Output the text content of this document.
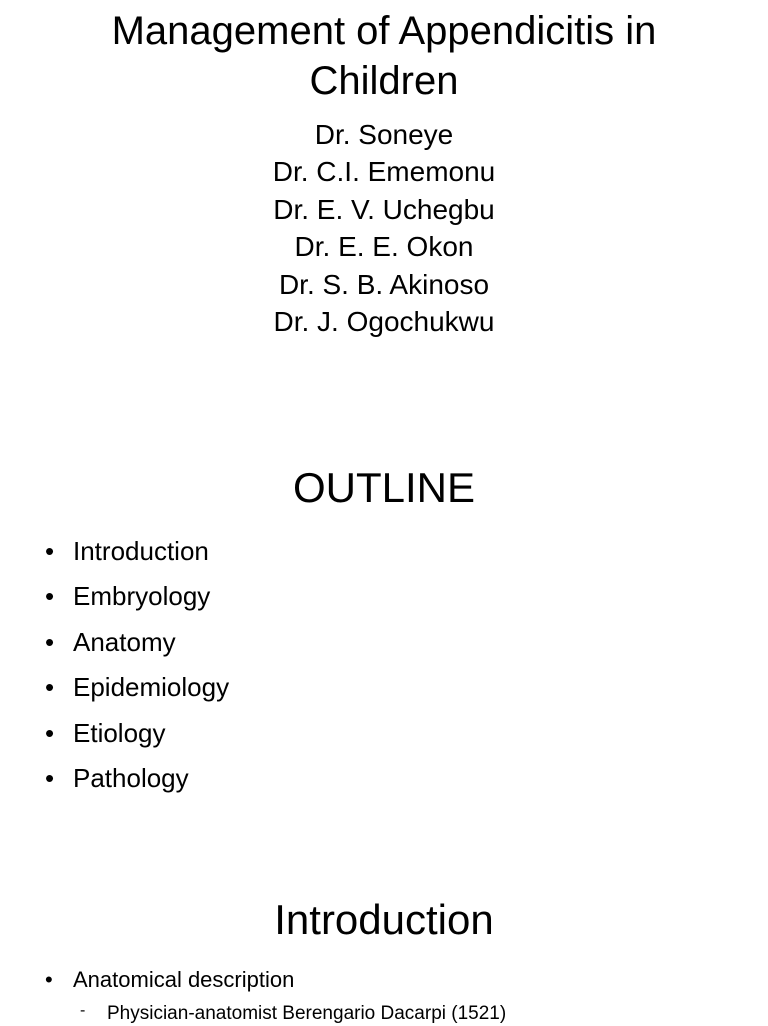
Management of Appendicitis in
Children
Dr. Soneye
Dr. C.I. Ememonu
Dr. E. V. Uchegbu
Dr. E. E. Okon
Dr. S. B. Akinoso
Dr. J. Ogochukwu
OUTLINE
• Introduction
• Embryology
• Anatomy
• Epidemiology
• Etiology
• Pathology
Introduction
• Anatomical description
- Physician-anatomist Berengario Dacarpi (1521)
